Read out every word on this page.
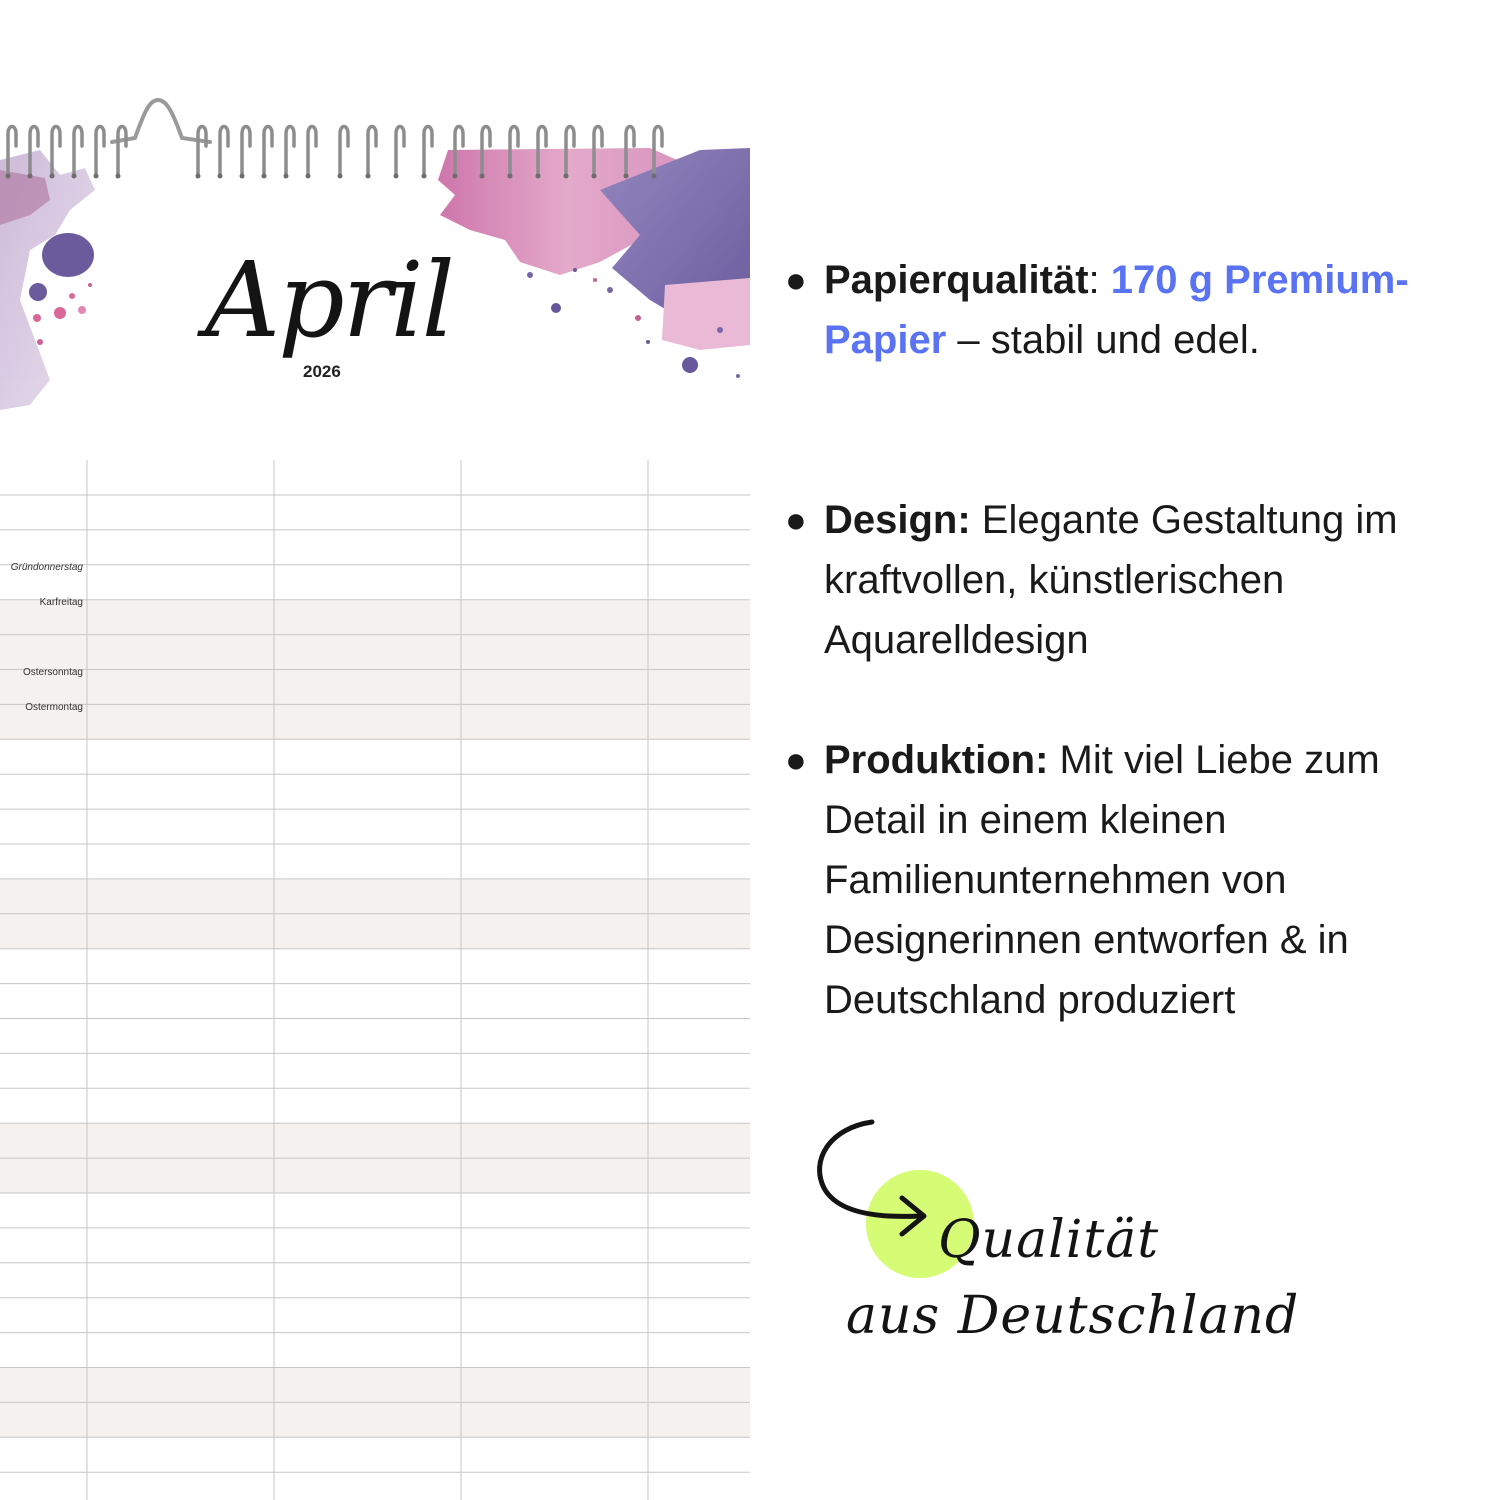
April
2026
Gründonnerstag
Karfreitag
Ostersonntag
Ostermontag
● Papierqualität: 170 g Premium-Papier – stabil und edel.
● Design: Elegante Gestaltung im kraftvollen, künstlerischen Aquarelldesign
● Produktion: Mit viel Liebe zum Detail in einem kleinen Familienunternehmen von Designerinnen entworfen & in Deutschland produziert
Qualität
aus Deutschland
